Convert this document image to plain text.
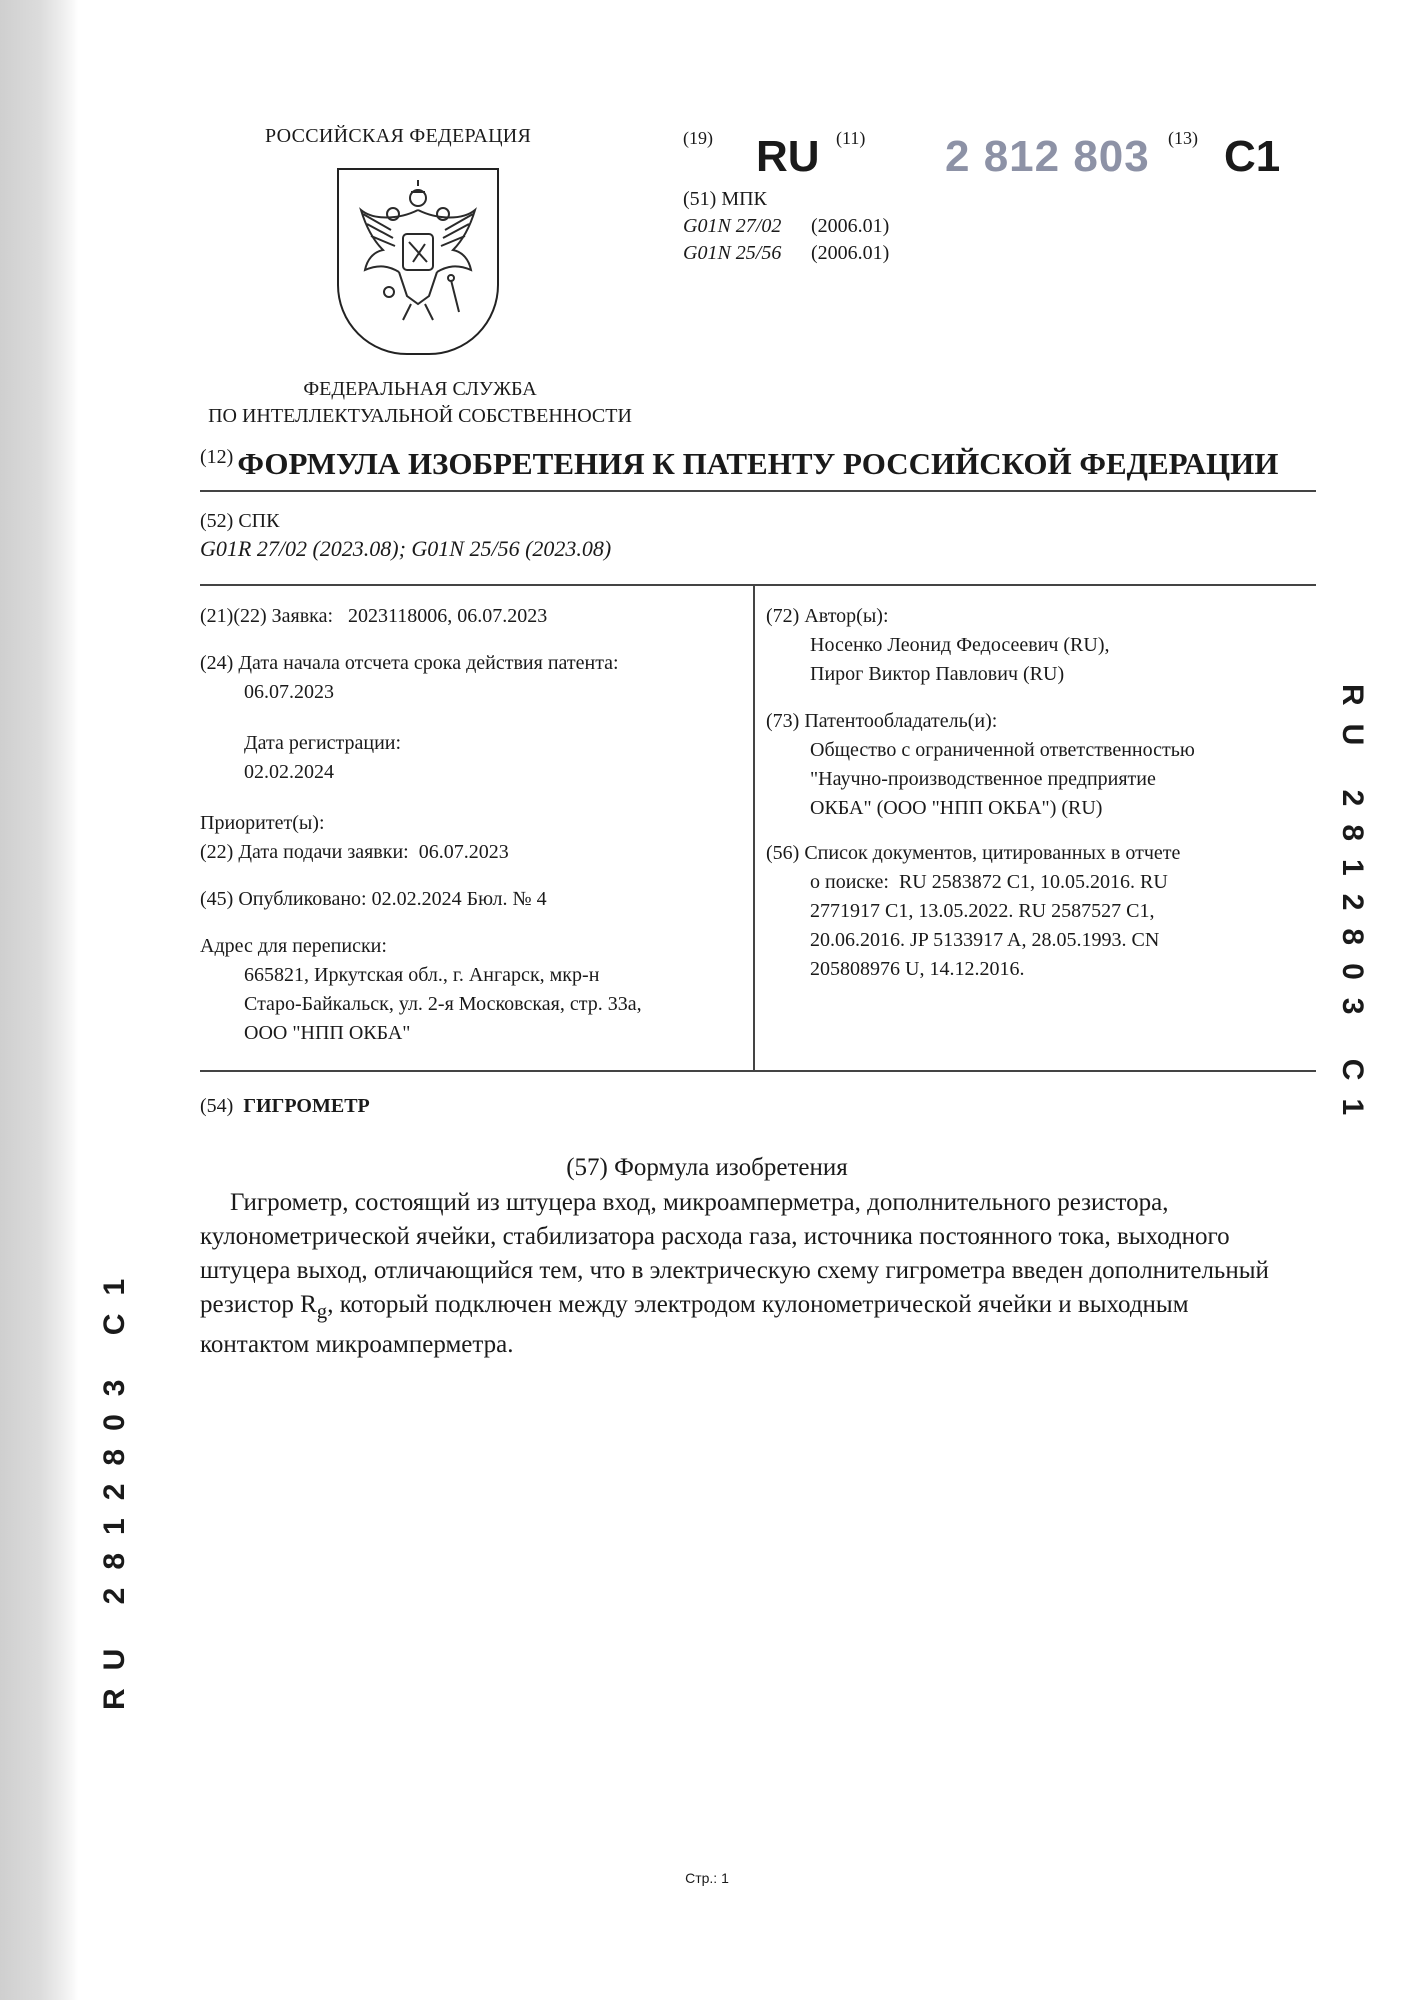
РОССИЙСКАЯ ФЕДЕРАЦИЯ
ФЕДЕРАЛЬНАЯ СЛУЖБА
ПО ИНТЕЛЛЕКТУАЛЬНОЙ СОБСТВЕННОСТИ
(19) RU (11) 2 812 803 (13) C1
(51) МПК
G01N 27/02 (2006.01)
G01N 25/56 (2006.01)
$^{(12)}$ ФОРМУЛА ИЗОБРЕТЕНИЯ К ПАТЕНТУ РОССИЙСКОЙ ФЕДЕРАЦИИ
(52) СПК
G01R 27/02 (2023.08); G01N 25/56 (2023.08)

(21)(22) Заявка: 2023118006, 06.07.2023

(24) Дата начала отсчета срока действия патента:

06.07.2023

Дата регистрации:

02.02.2024

Приоритет(ы):

(22) Дата подачи заявки: 06.07.2023

(45) Опубликовано: 02.02.2024 Бюл. № 4

Адрес для переписки:

665821, Иркутская обл., г. Ангарск, мкр-н

Старо-Байкальск, ул. 2-я Московская, стр. 33а,

ООО "НПП ОКБА"

(72) Автор(ы):

Носенко Леонид Федосеевич (RU),

Пирог Виктор Павлович (RU)

(73) Патентообладатель(и):

Общество с ограниченной ответственностью

"Научно-производственное предприятие

ОКБА" (ООО "НПП ОКБА") (RU)

(56) Список документов, цитированных в отчете

о поиске: RU 2583872 C1, 10.05.2016. RU

2771917 C1, 13.05.2022. RU 2587527 C1,

20.06.2016. JP 5133917 A, 28.05.1993. CN

205808976 U, 14.12.2016.

(54) ГИГРОМЕТР
(57) Формула изобретения
Гигрометр, состоящий из штуцера вход, микроамперметра, дополнительного резистора, кулонометрической ячейки, стабилизатора расхода газа, источника постоянного тока, выходного штуцера выход, отличающийся тем, что в электрическую схему гигрометра введен дополнительный резистор $R_g$, который подключен между электродом кулонометрической ячейки и выходным контактом микроамперметра.
RU 2812803 C1
RU 2812803 C1
Стр.: 1
